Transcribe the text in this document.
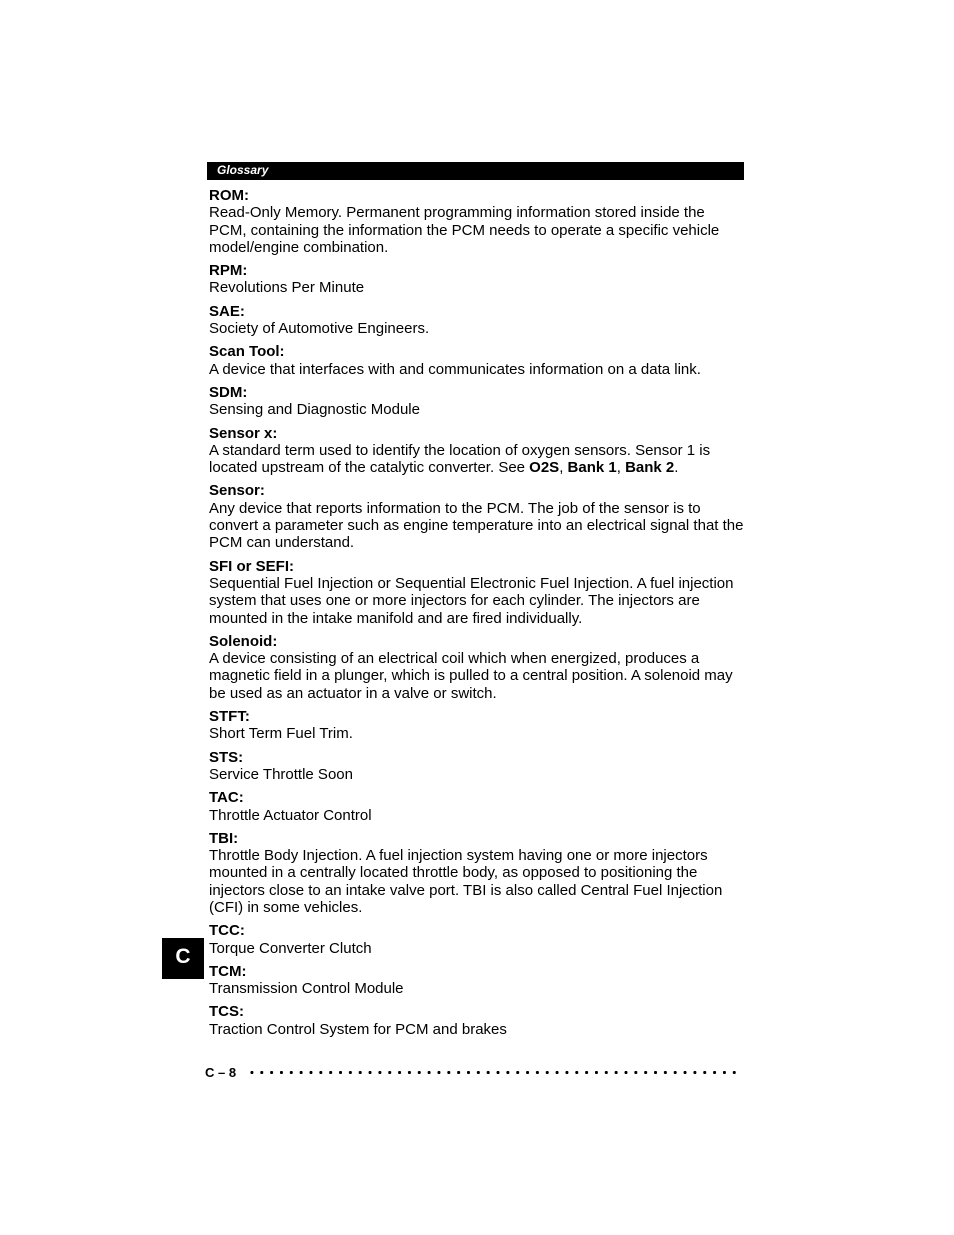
Glossary
ROM:
Read-Only Memory. Permanent programming information stored inside the PCM, containing the information the PCM needs to operate a specific vehicle model/engine combination.
RPM:
Revolutions Per Minute
SAE:
Society of Automotive Engineers.
Scan Tool:
A device that interfaces with and communicates information on a data link.
SDM:
Sensing and Diagnostic Module
Sensor x:
A standard term used to identify the location of oxygen sensors. Sensor 1 is located upstream of the catalytic converter. See O2S, Bank 1, Bank 2.
Sensor:
Any device that reports information to the PCM. The job of the sensor is to convert a parameter such as engine temperature into an electrical signal that the PCM can understand.
SFI or SEFI:
Sequential Fuel Injection or Sequential Electronic Fuel Injection. A fuel injection system that uses one or more injectors for each cylinder. The injectors are mounted in the intake manifold and are fired individually.
Solenoid:
A device consisting of an electrical coil which when energized, produces a magnetic field in a plunger, which is pulled to a central position. A solenoid may be used as an actuator in a valve or switch.
STFT:
Short Term Fuel Trim.
STS:
Service Throttle Soon
TAC:
Throttle Actuator Control
TBI:
Throttle Body Injection. A fuel injection system having one or more injectors mounted in a centrally located throttle body, as opposed to positioning the injectors close to an intake valve port. TBI is also called Central Fuel Injection (CFI) in some vehicles.
TCC:
Torque Converter Clutch
TCM:
Transmission Control Module
TCS:
Traction Control System for PCM and brakes
C
C – 8
